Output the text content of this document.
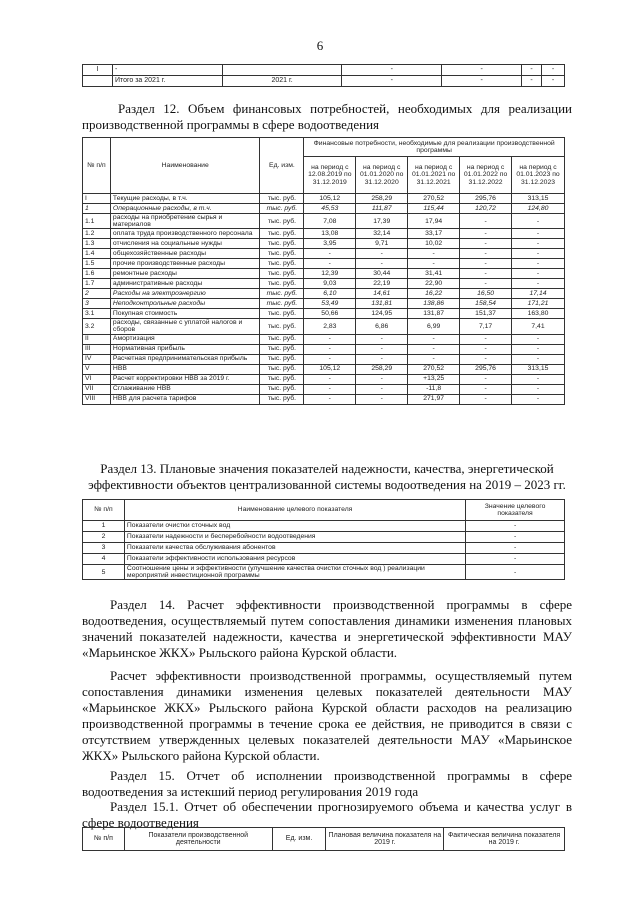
6
I	-		-	-	-	-
	Итого за 2021 г.	2021 г.	-	-	-	-
Раздел 12. Объем финансовых потребностей, необходимых для реализации производственной программы в сфере водоотведения
№ п/п	Наименование	Ед. изм.	Финансовые потребности, необходимые для реализации производственной программы				
			на период с 12.08.2019 по 31.12.2019	на период с 01.01.2020 по 31.12.2020	на период с 01.01.2021 по 31.12.2021	на период с 01.01.2022 по 31.12.2022	на период с 01.01.2023 по 31.12.2023
I	Текущие расходы, в т.ч.	тыс. руб.	105,12	258,29	270,52	295,76	313,15
1	Операционные расходы, в т.ч.	тыс. руб.	45,53	111,87	115,44	120,72	124,80
1.1	расходы на приобретение сырья и материалов	тыс. руб.	7,08	17,39	17,94	-	-
1.2	оплата труда производственного персонала	тыс. руб.	13,08	32,14	33,17	-	-
1.3	отчисления на социальные нужды	тыс. руб.	3,95	9,71	10,02	-	-
1.4	общехозяйственные расходы	тыс. руб.	-	-	-	-	-
1.5	прочие производственные расходы	тыс. руб.	-	-	-	-	-
1.6	ремонтные расходы	тыс. руб.	12,39	30,44	31,41	-	-
1.7	административные расходы	тыс. руб.	9,03	22,19	22,90	-	-
2	Расходы на электроэнергию	тыс. руб.	6,10	14,61	16,22	16,50	17,14
3	Неподконтрольные расходы	тыс. руб.	53,49	131,81	138,86	158,54	171,21
3.1	Покупная стоимость	тыс. руб.	50,66	124,95	131,87	151,37	163,80
3.2	расходы, связанные с уплатой налогов и сборов	тыс. руб.	2,83	6,86	6,99	7,17	7,41
II	Амортизация	тыс. руб.	-	-	-	-	-
III	Нормативная прибыль	тыс. руб.	-	-	-	-	-
IV	Расчетная предпринимательская прибыль	тыс. руб.	-	-	-	-	-
V	НВВ	тыс. руб.	105,12	258,29	270,52	295,76	313,15
VI	Расчет корректировки НВВ за 2019 г.	тыс. руб.	-	-	+13,25	-	-
VII	Сглаживание НВВ	тыс. руб.	-	-	-11,8	-	-
VIII	НВВ для расчета тарифов	тыс. руб.	-	-	271,97	-	-
Раздел 13. Плановые значения показателей надежности, качества, энергетической эффективности объектов централизованной системы водоотведения на 2019 – 2023 гг.
№ п/п	Наименование целевого показателя	Значение целевого показателя
1	Показатели очистки сточных вод	-
2	Показатели надежности и бесперебойности водоотведения	-
3	Показатели качества обслуживания абонентов	-
4	Показатели эффективности использования ресурсов	-
5	Соотношение цены и эффективности (улучшение качества очистки сточных вод ) реализации мероприятий инвестиционной программы	-
Раздел 14. Расчет эффективности производственной программы в сфере водоотведения, осуществляемый путем сопоставления динамики изменения плановых значений показателей надежности, качества и энергетической эффективности МАУ «Марьинское ЖКХ» Рыльского района Курской области.
Расчет эффективности производственной программы, осуществляемый путем сопоставления динамики изменения целевых показателей деятельности МАУ «Марьинское ЖКХ» Рыльского района Курской области расходов на реализацию производственной программы в течение срока ее действия, не приводится в связи с отсутствием утвержденных целевых показателей деятельности МАУ «Марьинское ЖКХ» Рыльского района Курской области.
Раздел 15. Отчет об исполнении производственной программы в сфере водоотведения за истекший период регулирования 2019 года
Раздел 15.1. Отчет об обеспечении прогнозируемого объема и качества услуг в сфере водоотведения
№ п/п	Показатели производственной деятельности	Ед. изм.	Плановая величина показателя на 2019 г.	Фактическая величина показателя на 2019 г.
